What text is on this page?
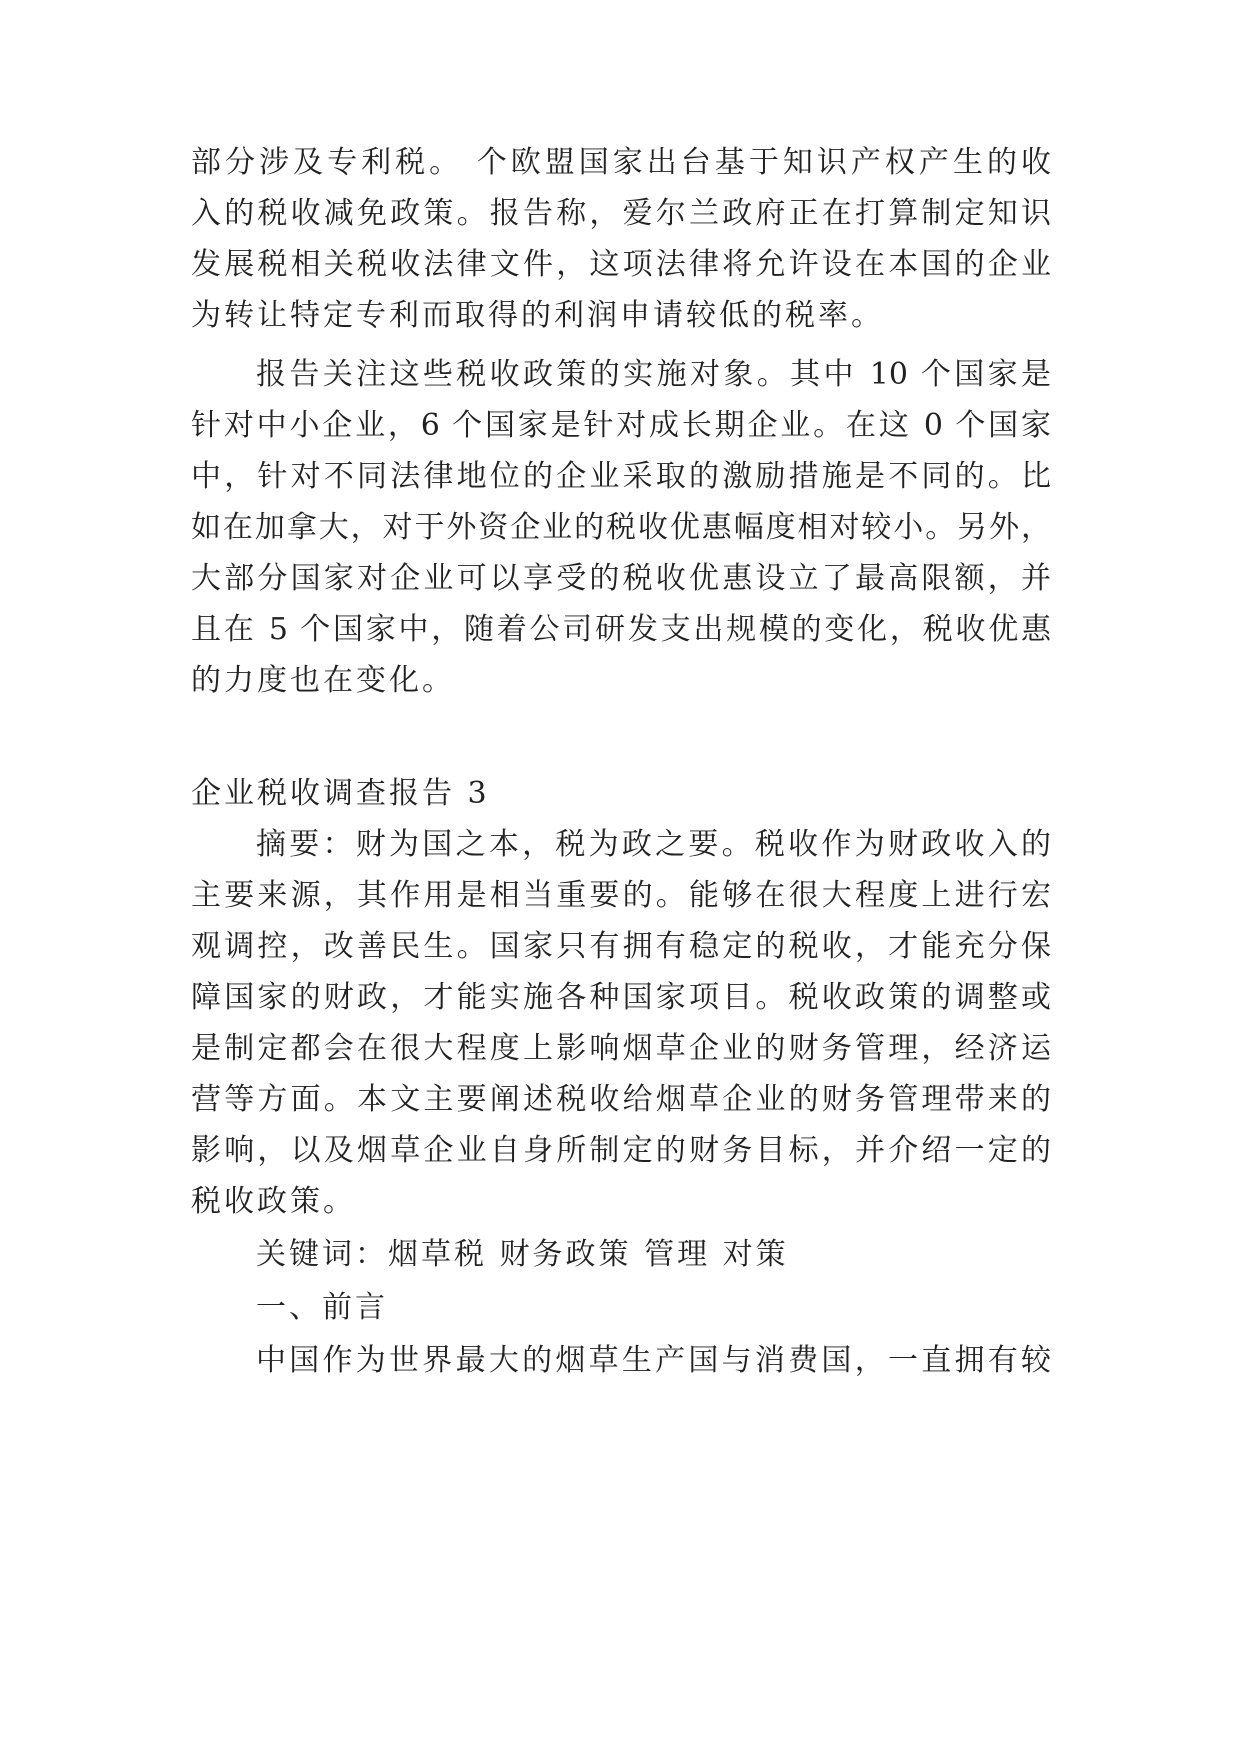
部分涉及专利税。 个欧盟国家出台基于知识产权产生的收
入的税收减免政策。报告称，爱尔兰政府正在打算制定知识
发展税相关税收法律文件，这项法律将允许设在本国的企业
为转让特定专利而取得的利润申请较低的税率。
报告关注这些税收政策的实施对象。其中 10 个国家是
针对中小企业，6 个国家是针对成长期企业。在这 0 个国家
中，针对不同法律地位的企业采取的激励措施是不同的。比
如在加拿大，对于外资企业的税收优惠幅度相对较小。另外，
大部分国家对企业可以享受的税收优惠设立了最高限额，并
且在 5 个国家中，随着公司研发支出规模的变化，税收优惠
的力度也在变化。
企业税收调查报告 3
摘要：财为国之本，税为政之要。税收作为财政收入的
主要来源，其作用是相当重要的。能够在很大程度上进行宏
观调控，改善民生。国家只有拥有稳定的税收，才能充分保
障国家的财政，才能实施各种国家项目。税收政策的调整或
是制定都会在很大程度上影响烟草企业的财务管理，经济运
营等方面。本文主要阐述税收给烟草企业的财务管理带来的
影响，以及烟草企业自身所制定的财务目标，并介绍一定的
税收政策。
关键词：烟草税 财务政策 管理 对策
一、前言
中国作为世界最大的烟草生产国与消费国，一直拥有较
